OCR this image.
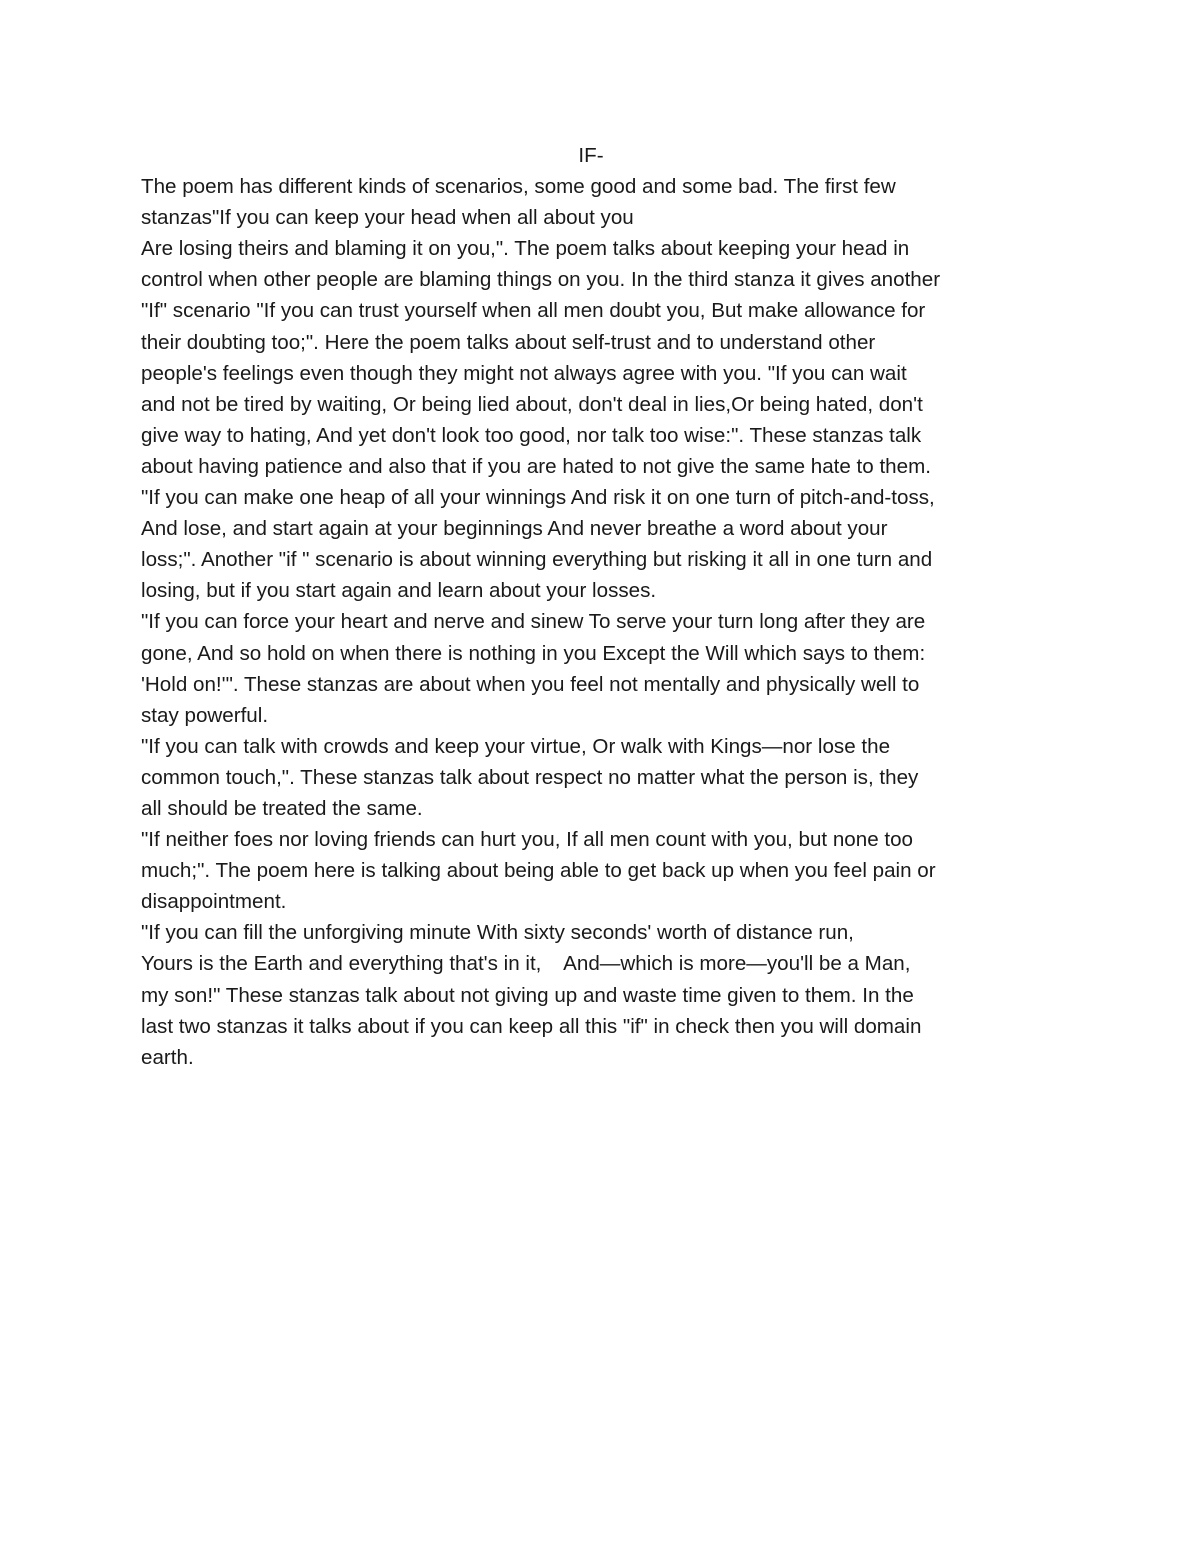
IF-
The poem has different kinds of scenarios, some good and some bad. The first few
stanzas"If you can keep your head when all about you
Are losing theirs and blaming it on you,". The poem talks about keeping your head in
control when other people are blaming things on you. In the third stanza it gives another
"If" scenario "If you can trust yourself when all men doubt you, But make allowance for
their doubting too;". Here the poem talks about self-trust and to understand other
people's feelings even though they might not always agree with you. "If you can wait
and not be tired by waiting, Or being lied about, don't deal in lies,Or being hated, don't
give way to hating, And yet don't look too good, nor talk too wise:". These stanzas talk
about having patience and also that if you are hated to not give the same hate to them.
"If you can make one heap of all your winnings And risk it on one turn of pitch-and-toss,
And lose, and start again at your beginnings And never breathe a word about your
loss;". Another "if " scenario is about winning everything but risking it all in one turn and
losing, but if you start again and learn about your losses.
"If you can force your heart and nerve and sinew To serve your turn long after they are
gone, And so hold on when there is nothing in you Except the Will which says to them:
'Hold on!'". These stanzas are about when you feel not mentally and physically well to
stay powerful.
"If you can talk with crowds and keep your virtue, Or walk with Kings—nor lose the
common touch,". These stanzas talk about respect no matter what the person is, they
all should be treated the same.
"If neither foes nor loving friends can hurt you, If all men count with you, but none too
much;". The poem here is talking about being able to get back up when you feel pain or
disappointment.
"If you can fill the unforgiving minute With sixty seconds' worth of distance run,
Yours is the Earth and everything that's in it,    And—which is more—you'll be a Man,
my son!" These stanzas talk about not giving up and waste time given to them. In the
last two stanzas it talks about if you can keep all this "if" in check then you will domain
earth.
